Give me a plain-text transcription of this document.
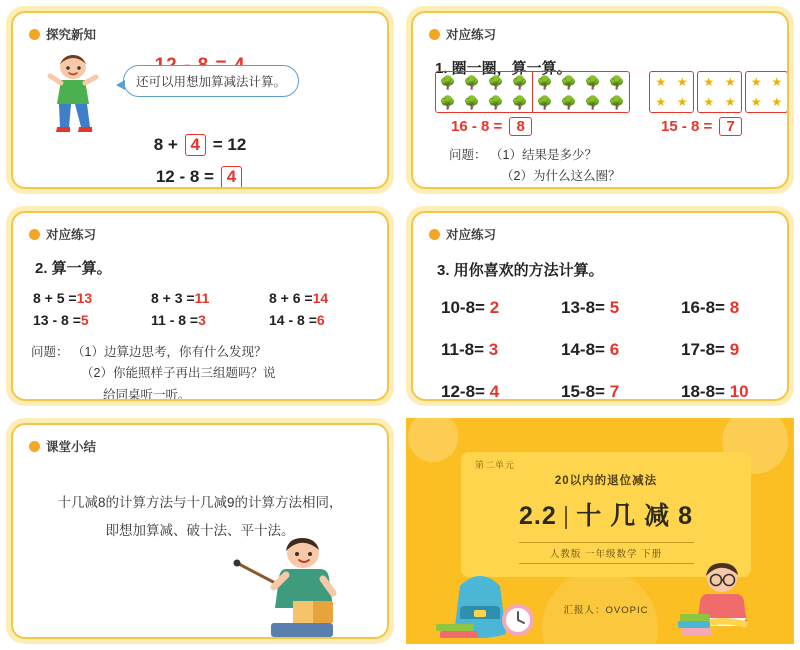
探究新知
还可以用想加算减法计算。
8 + 4 = 12
12 - 8 = 4
对应练习
1. 圈一圈，算一算。
🌳 🌳 🌳 🌳
🌳 🌳 🌳 🌳
🌳 🌳 🌳 🌳
🌳 🌳 🌳 🌳
★ ★
★ ★
★ ★
★ ★
★ ★
★ ★
16 - 8 = 8	15 - 8 = 7
问题： （1）结果是多少？
（2）为什么这么圈？
对应练习
2. 算一算。
8 + 5 =13	8 + 3 =11	8 + 6 =14
13 - 8 =5	11 - 8 =3	14 - 8 =6
问题： （1）边算边思考，你有什么发现？
（2）你能照样子再出三组题吗？说
给同桌听一听。
对应练习
3. 用你喜欢的方法计算。
10-8= 2	13-8= 5	16-8= 8
11-8= 3	14-8= 6	17-8= 9
12-8= 4	15-8= 7	18-8= 10
课堂小结
十几减8的计算方法与十几减9的计算方法相同，
即想加算减、破十法、平十法。
第二单元
20以内的退位减法
2.2 | 十 几 减 8
人教版 一年级数学 下册
汇报人：OVOPIC
